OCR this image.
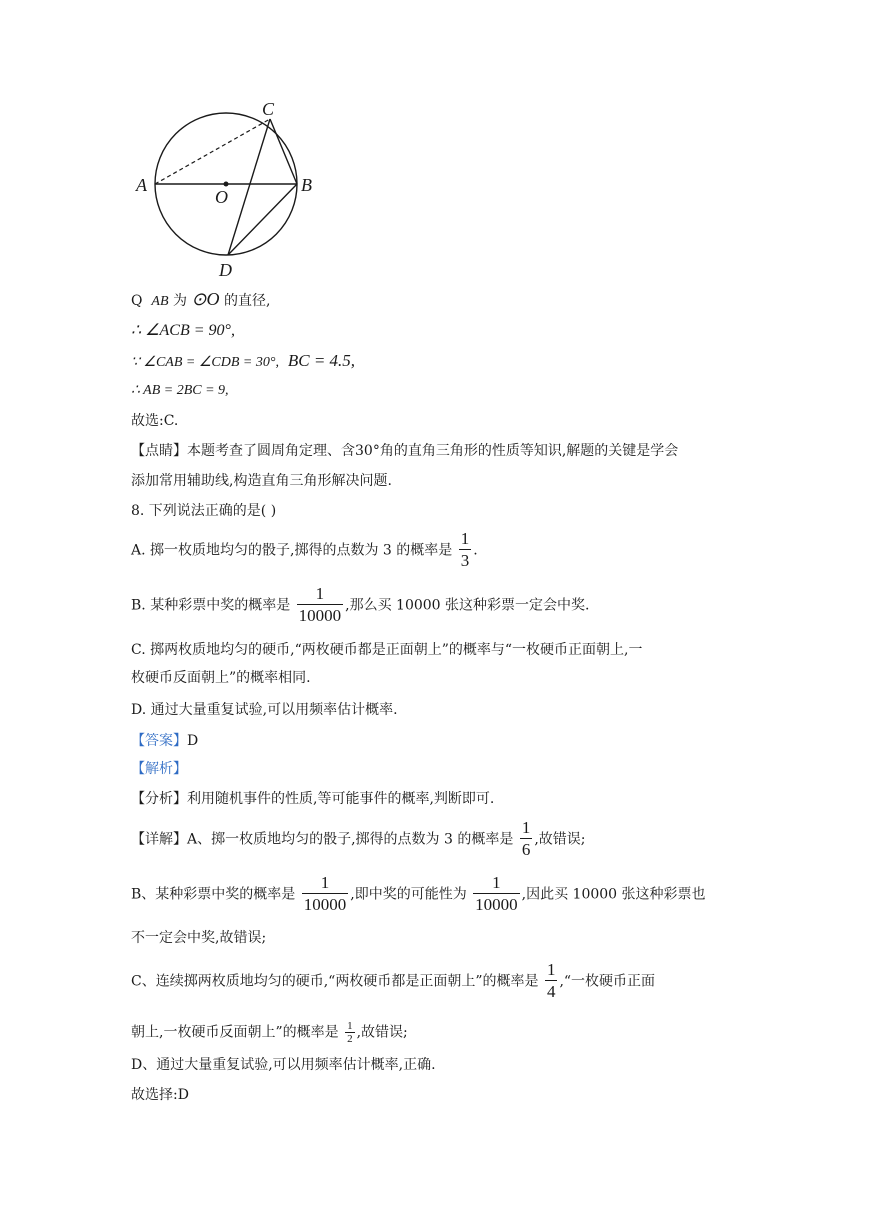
A	B
C
D
O
Q AB 为 ⊙O 的直径,
∴ ∠ACB = 90°,
∵ ∠CAB = ∠CDB = 30°, BC = 4.5,
∴ AB = 2BC = 9,
故选:C.
【点睛】本题考查了圆周角定理、含30°角的直角三角形的性质等知识,解题的关键是学会
添加常用辅助线,构造直角三角形解决问题.
8. 下列说法正确的是( )
A. 掷一枚质地均匀的骰子,掷得的点数为 3 的概率是 $\frac{1}{3}$ .
B. 某种彩票中奖的概率是 $\frac{1}{10000}$ ,那么买 10000 张这种彩票一定会中奖.
C. 掷两枚质地均匀的硬币,“两枚硬币都是正面朝上”的概率与“一枚硬币正面朝上,一
枚硬币反面朝上”的概率相同.
D. 通过大量重复试验,可以用频率估计概率.
【答案】D
【解析】
【分析】利用随机事件的性质,等可能事件的概率,判断即可.
【详解】A、掷一枚质地均匀的骰子,掷得的点数为 3 的概率是 $\frac{1}{6}$ ,故错误;
B、某种彩票中奖的概率是 $\frac{1}{10000}$ ,即中奖的可能性为 $\frac{1}{10000}$ ,因此买 10000 张这种彩票也
不一定会中奖,故错误;
C、连续掷两枚质地均匀的硬币,“两枚硬币都是正面朝上”的概率是 $\frac{1}{4}$ ,“一枚硬币正面
朝上,一枚硬币反面朝上”的概率是 $\frac{1}{2}$ ,故错误;
D、通过大量重复试验,可以用频率估计概率,正确.
故选择:D
